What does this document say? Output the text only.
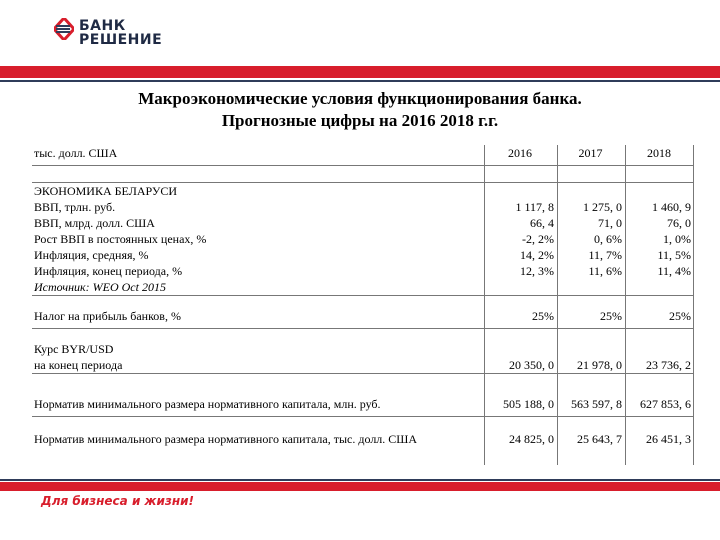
БАНК
РЕШЕНИЕ
Макроэкономические условия функционирования банка.
Прогнозные цифры на 2016 2018 г.г.
тыс. долл. США	2016	2017	2018
ЭКОНОМИКА БЕЛАРУСИ
ВВП, трлн. руб.	1 117, 8	1 275, 0	1 460, 9
ВВП, млрд. долл. США	66, 4	71, 0	76, 0
Рост ВВП в постоянных ценах, %	-2, 2%	0, 6%	1, 0%
Инфляция, средняя, %	14, 2%	11, 7%	11, 5%
Инфляция, конец периода, %	12, 3%	11, 6%	11, 4%
Источник: WEO Oct 2015
Налог на прибыль банков, %	25%	25%	25%
Курс BYR/USD
на конец периода	20 350, 0	21 978, 0	23 736, 2
Норматив минимального размера нормативного капитала, млн. руб.	505 188, 0	563 597, 8	627 853, 6
Норматив минимального размера нормативного капитала, тыс. долл. США	24 825, 0	25 643, 7	26 451, 3
Для бизнеса и жизни!
